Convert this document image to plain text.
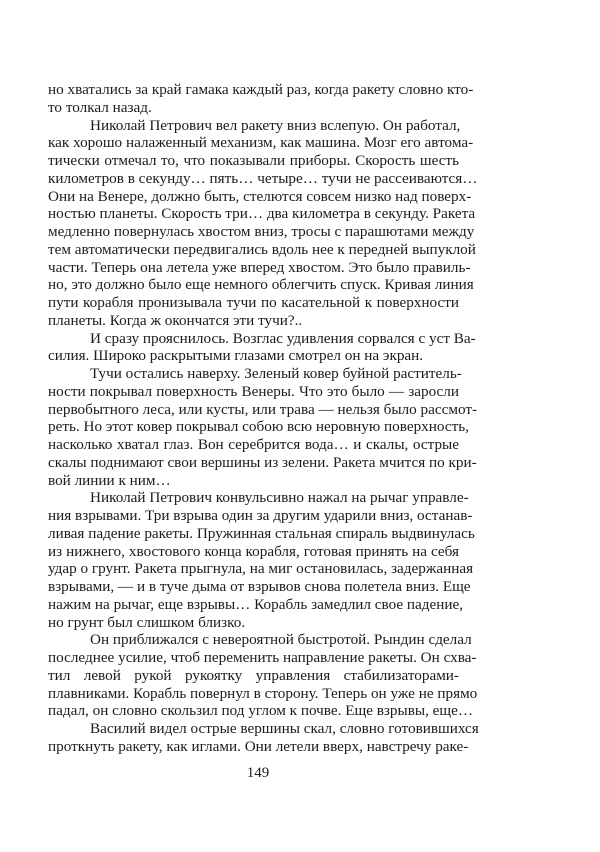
но хватались за край гамака каждый раз, когда ракету словно кто-
то толкал назад.
Николай Петрович вел ракету вниз вслепую. Он работал,
как хорошо налаженный механизм, как машина. Мозг его автома-
тически отмечал то, что показывали приборы. Скорость шесть
километров в секунду… пять… четыре… тучи не рассеиваются…
Они на Венере, должно быть, стелются совсем низко над поверх-
ностью планеты. Скорость три… два километра в секунду. Ракета
медленно повернулась хвостом вниз, тросы с парашютами между
тем автоматически передвигались вдоль нее к передней выпуклой
части. Теперь она летела уже вперед хвостом. Это было правиль-
но, это должно было еще немного облегчить спуск. Кривая линия
пути корабля пронизывала тучи по касательной к поверхности
планеты. Когда ж окончатся эти тучи?..
И сразу прояснилось. Возглас удивления сорвался с уст Ва-
силия. Широко раскрытыми глазами смотрел он на экран.
Тучи остались наверху. Зеленый ковер буйной раститель-
ности покрывал поверхность Венеры. Что это было — заросли
первобытного леса, или кусты, или трава — нельзя было рассмот-
реть. Но этот ковер покрывал собою всю неровную поверхность,
насколько хватал глаз. Вон серебрится вода… и скалы, острые
скалы поднимают свои вершины из зелени. Ракета мчится по кри-
вой линии к ним…
Николай Петрович конвульсивно нажал на рычаг управле-
ния взрывами. Три взрыва один за другим ударили вниз, останав-
ливая падение ракеты. Пружинная стальная спираль выдвинулась
из нижнего, хвостового конца корабля, готовая принять на себя
удар о грунт. Ракета прыгнула, на миг остановилась, задержанная
взрывами, — и в туче дыма от взрывов снова полетела вниз. Еще
нажим на рычаг, еще взрывы… Корабль замедлил свое падение,
но грунт был слишком близко.
Он приближался с невероятной быстротой. Рындин сделал
последнее усилие, чтоб переменить направление ракеты. Он схва-
тил левой рукой рукоятку управления стабилизаторами-
плавниками. Корабль повернул в сторону. Теперь он уже не прямо
падал, он словно скользил под углом к почве. Еще взрывы, еще…
Василий видел острые вершины скал, словно готовившихся
проткнуть ракету, как иглами. Они летели вверх, навстречу раке-
149
